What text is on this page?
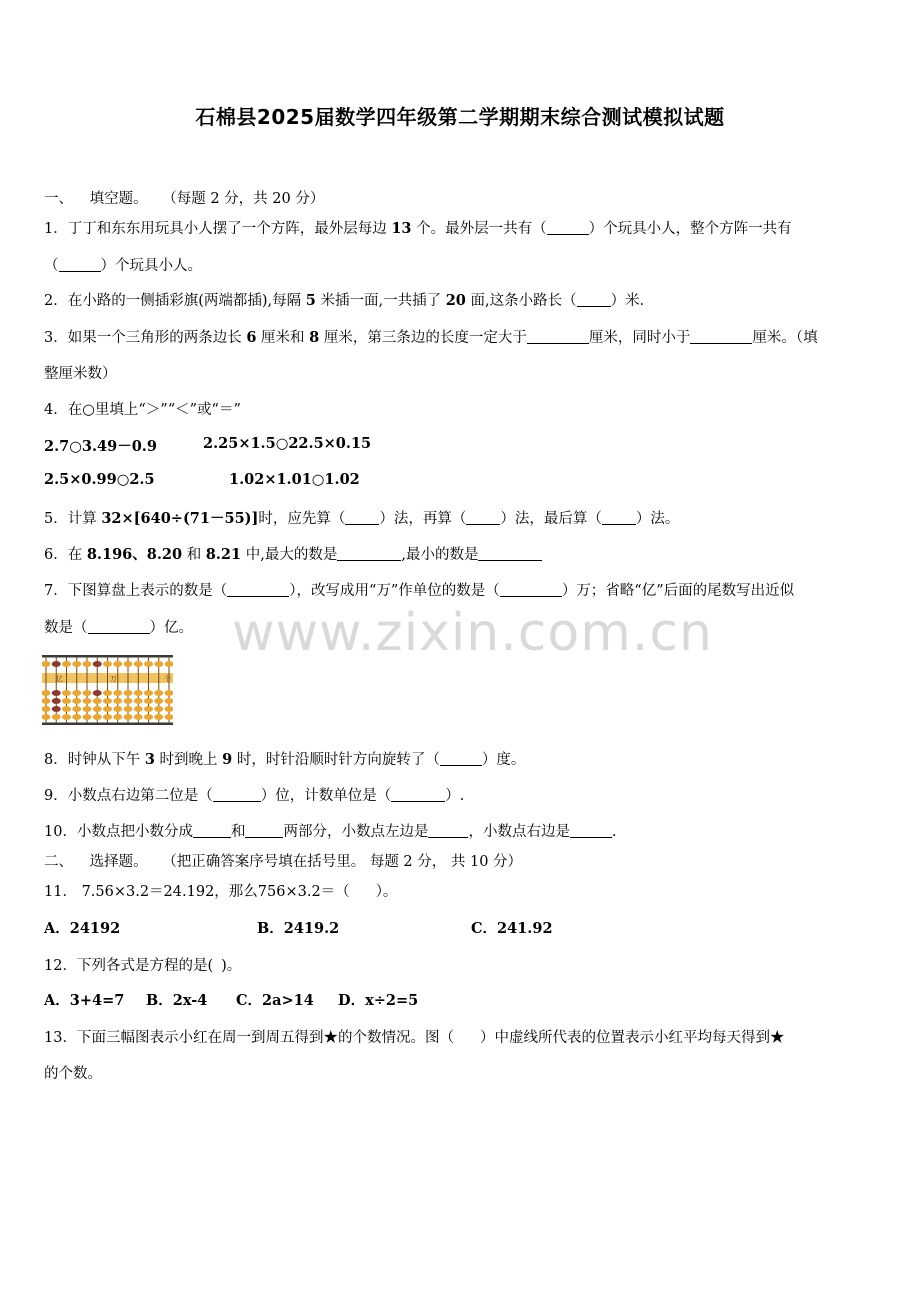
石棉县2025届数学四年级第二学期期末综合测试模拟试题
www.zixin.com.cn
一、 填空题。 （每题 2 分，共 20 分）
1．丁丁和东东用玩具小人摆了一个方阵，最外层每边 13 个。最外层一共有（	）个玩具小人，整个方阵一共有
（	）个玩具小人。
2．在小路的一侧插彩旗(两端都插),每隔 5 米插一面,一共插了 20 面,这条小路长（ ）米．
3．如果一个三角形的两条边长 6 厘米和 8 厘米，第三条边的长度一定大于	厘米，同时小于	厘米。（填
整厘米数）
4．在○里填上“＞”“＜”或“＝”
2.7○3.49－0.9	2.25×1.5○22.5×0.15
2.5×0.99○2.5	1.02×1.01○1.02
5．计算 32×[640÷(71－55)]时，应先算（ ）法，再算（ ）法，最后算（ ）法。
6．在 8.196、8.20 和 8.21 中,最大的数是	,最小的数是
7．下图算盘上表示的数是（	），改写成用“万”作单位的数是（	）万；省略“亿”后面的尾数写出近似
数是（	）亿。
亿	万	个
8．时钟从下午 3 时到晚上 9 时，时针沿顺时针方向旋转了（	）度。
9．小数点右边第二位是（	）位，计数单位是（	）.
10．小数点把小数分成	和	两部分，小数点左边是	，小数点右边是	.
二、 选择题。 （把正确答案序号填在括号里。 每题 2 分， 共 10 分）
11． 7.56×3.2＝24.192，那么756×3.2＝（ ）。
A．24192	B．2419.2	C．241.92
12．下列各式是方程的是( )。
A．3+4=7 B．2x-4 C．2a>14 D．x÷2=5
13．下面三幅图表示小红在周一到周五得到★的个数情况。图（ ）中虚线所代表的位置表示小红平均每天得到★
的个数。
